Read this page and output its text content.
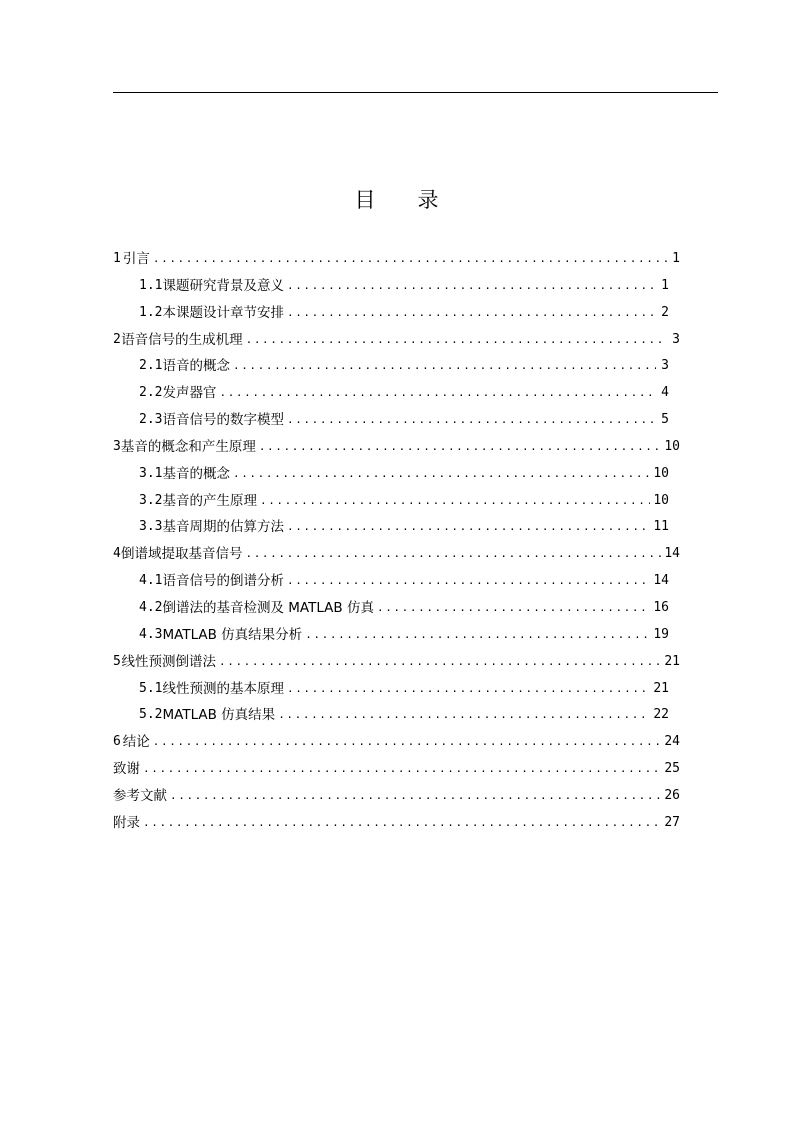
目 录
1 引言 .....	1
1.1 课题研究背景及意义 .....	1
1.2 本课题设计章节安排 .....	2
2 语音信号的生成机理 .....	3
2.1 语音的概念 .....	3
2.2 发声器官 .....	4
2.3 语音信号的数字模型 .....	5
3 基音的概念和产生原理 .....	10
3.1 基音的概念 .....	10
3.2 基音的产生原理 .....	10
3.3 基音周期的估算方法 .....	11
4 倒谱域提取基音信号 .....	14
4.1 语音信号的倒谱分析 .....	14
4.2 倒谱法的基音检测及 MATLAB 仿真 .....	16
4.3 MATLAB 仿真结果分析 .....	19
5 线性预测倒谱法 .....	21
5.1 线性预测的基本原理 .....	21
5.2 MATLAB 仿真结果 .....	22
6 结论 .....	24
致谢 .....	25
参考文献 .....	26
附录 .....	27
